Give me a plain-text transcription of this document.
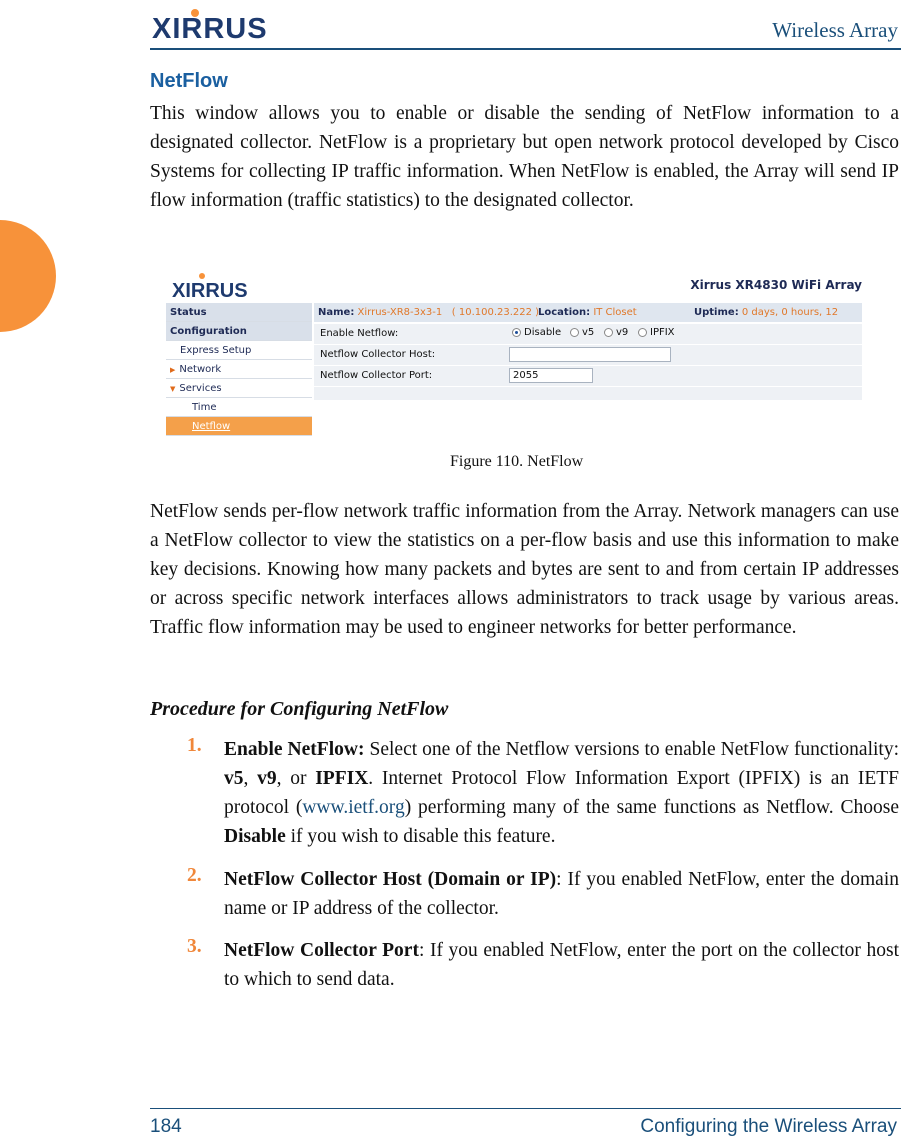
XIRRUS	Wireless Array
NetFlow

This window allows you to enable or disable the sending of NetFlow information to a designated collector. NetFlow is a proprietary but open network protocol developed by Cisco Systems for collecting IP traffic information. When NetFlow is enabled, the Array will send IP flow information (traffic statistics) to the designated collector.

XIRRUS	Xirrus XR4830 WiFi Array
Status
Configuration
Express Setup
▶ Network
▼ Services
Time
Netflow
Name: Xirrus-XR8-3x3-1   ( 10.100.23.222 )
Location: IT Closet	Uptime: 0 days, 0 hours, 12
Enable Netflow:	Disable v5 v9 IPFIX
Netflow Collector Host:
Netflow Collector Port:	2055
Figure 110. NetFlow

NetFlow sends per-flow network traffic information from the Array. Network managers can use a NetFlow collector to view the statistics on a per-flow basis and use this information to make key decisions. Knowing how many packets and bytes are sent to and from certain IP addresses or across specific network interfaces allows administrators to track usage by various areas. Traffic flow information may be used to engineer networks for better performance.

Procedure for Configuring NetFlow
1. Enable NetFlow: Select one of the Netflow versions to enable NetFlow functionality: v5, v9, or IPFIX. Internet Protocol Flow Information Export (IPFIX) is an IETF protocol (www.ietf.org) performing many of the same functions as Netflow. Choose Disable if you wish to disable this feature.

2. NetFlow Collector Host (Domain or IP): If you enabled NetFlow, enter the domain name or IP address of the collector.

3. NetFlow Collector Port: If you enabled NetFlow, enter the port on the collector host to which to send data.

184	Configuring the Wireless Array
